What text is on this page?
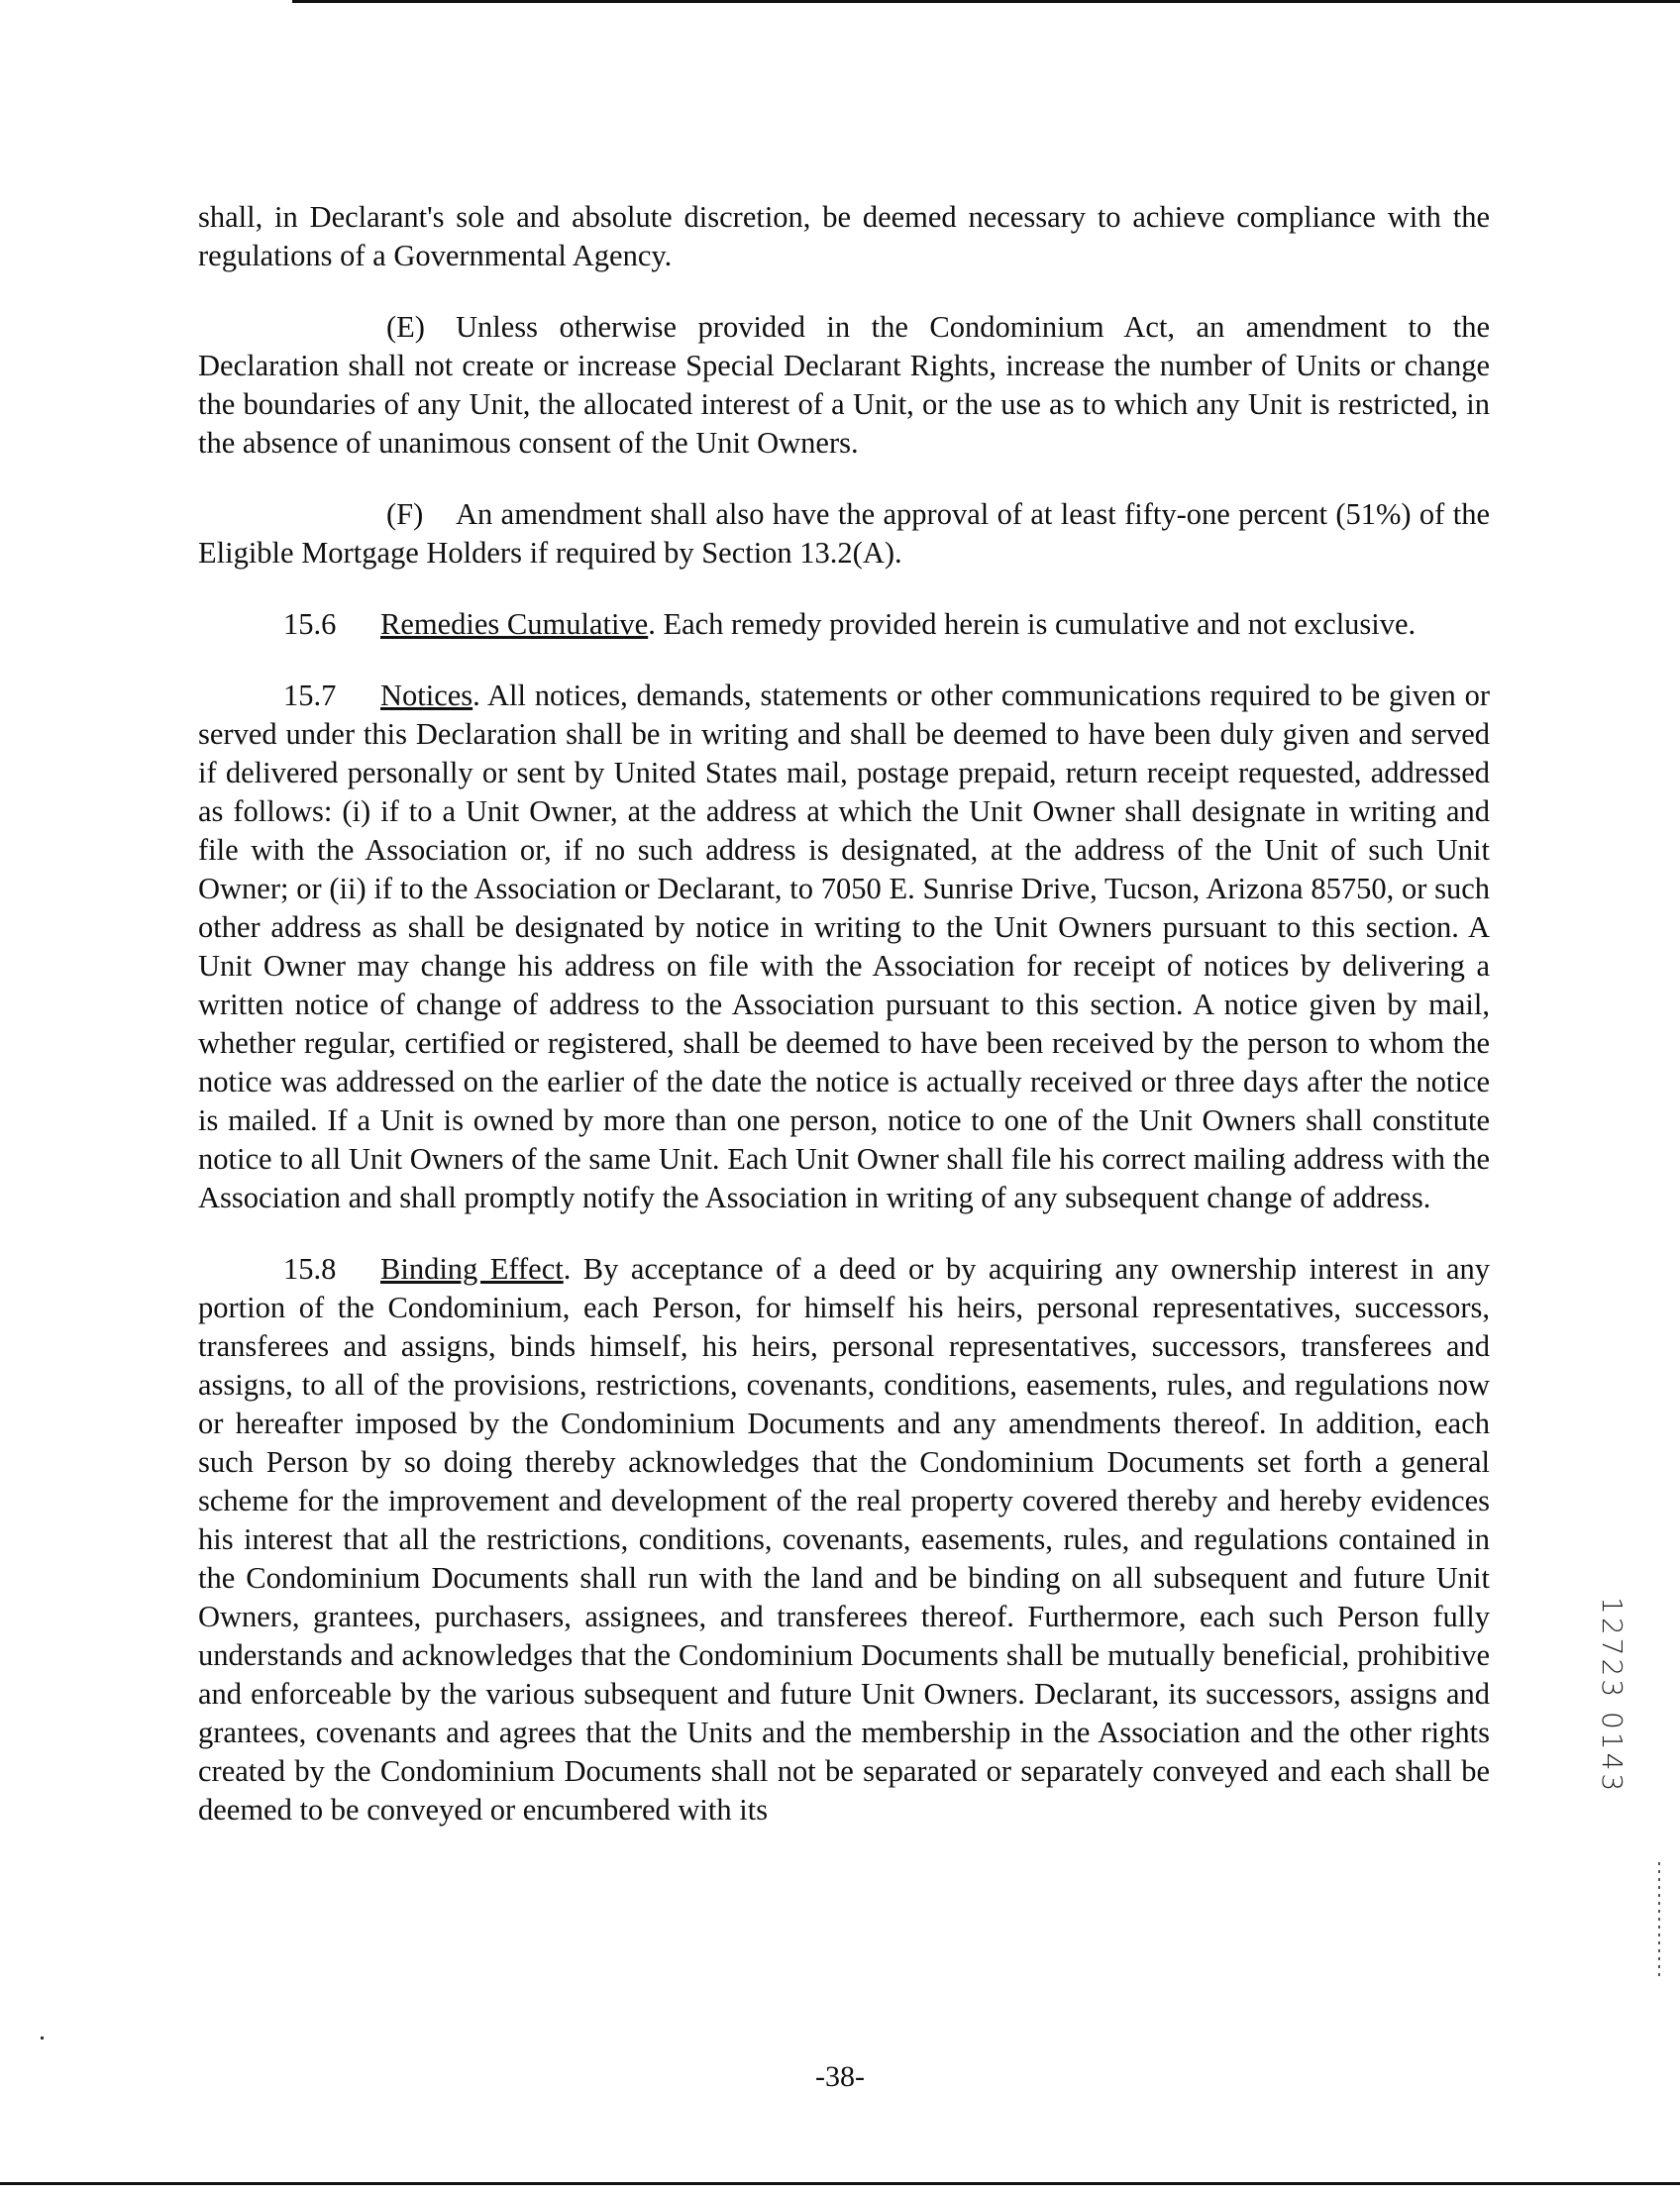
shall, in Declarant's sole and absolute discretion, be deemed necessary to achieve compliance with the regulations of a Governmental Agency.

(E) Unless otherwise provided in the Condominium Act, an amendment to the Declaration shall not create or increase Special Declarant Rights, increase the number of Units or change the boundaries of any Unit, the allocated interest of a Unit, or the use as to which any Unit is restricted, in the absence of unanimous consent of the Unit Owners.

(F) An amendment shall also have the approval of at least fifty-one percent (51%) of the Eligible Mortgage Holders if required by Section 13.2(A).

15.6 Remedies Cumulative. Each remedy provided herein is cumulative and not exclusive.

15.7 Notices. All notices, demands, statements or other communications required to be given or served under this Declaration shall be in writing and shall be deemed to have been duly given and served if delivered personally or sent by United States mail, postage prepaid, return receipt requested, addressed as follows: (i) if to a Unit Owner, at the address at which the Unit Owner shall designate in writing and file with the Association or, if no such address is designated, at the address of the Unit of such Unit Owner; or (ii) if to the Association or Declarant, to 7050 E. Sunrise Drive, Tucson, Arizona 85750, or such other address as shall be designated by notice in writing to the Unit Owners pursuant to this section. A Unit Owner may change his address on file with the Association for receipt of notices by delivering a written notice of change of address to the Association pursuant to this section. A notice given by mail, whether regular, certified or registered, shall be deemed to have been received by the person to whom the notice was addressed on the earlier of the date the notice is actually received or three days after the notice is mailed. If a Unit is owned by more than one person, notice to one of the Unit Owners shall constitute notice to all Unit Owners of the same Unit. Each Unit Owner shall file his correct mailing address with the Association and shall promptly notify the Association in writing of any subsequent change of address.

15.8 Binding Effect. By acceptance of a deed or by acquiring any ownership interest in any portion of the Condominium, each Person, for himself his heirs, personal representatives, successors, transferees and assigns, binds himself, his heirs, personal representatives, successors, transferees and assigns, to all of the provisions, restrictions, covenants, conditions, easements, rules, and regulations now or hereafter imposed by the Condominium Documents and any amendments thereof. In addition, each such Person by so doing thereby acknowledges that the Condominium Documents set forth a general scheme for the improvement and development of the real property covered thereby and hereby evidences his interest that all the restrictions, conditions, covenants, easements, rules, and regulations contained in the Condominium Documents shall run with the land and be binding on all subsequent and future Unit Owners, grantees, purchasers, assignees, and transferees thereof. Furthermore, each such Person fully understands and acknowledges that the Condominium Documents shall be mutually beneficial, prohibitive and enforceable by the various subsequent and future Unit Owners. Declarant, its successors, assigns and grantees, covenants and agrees that the Units and the membership in the Association and the other rights created by the Condominium Documents shall not be separated or separately conveyed and each shall be deemed to be conveyed or encumbered with its

12723 0143
-38-
